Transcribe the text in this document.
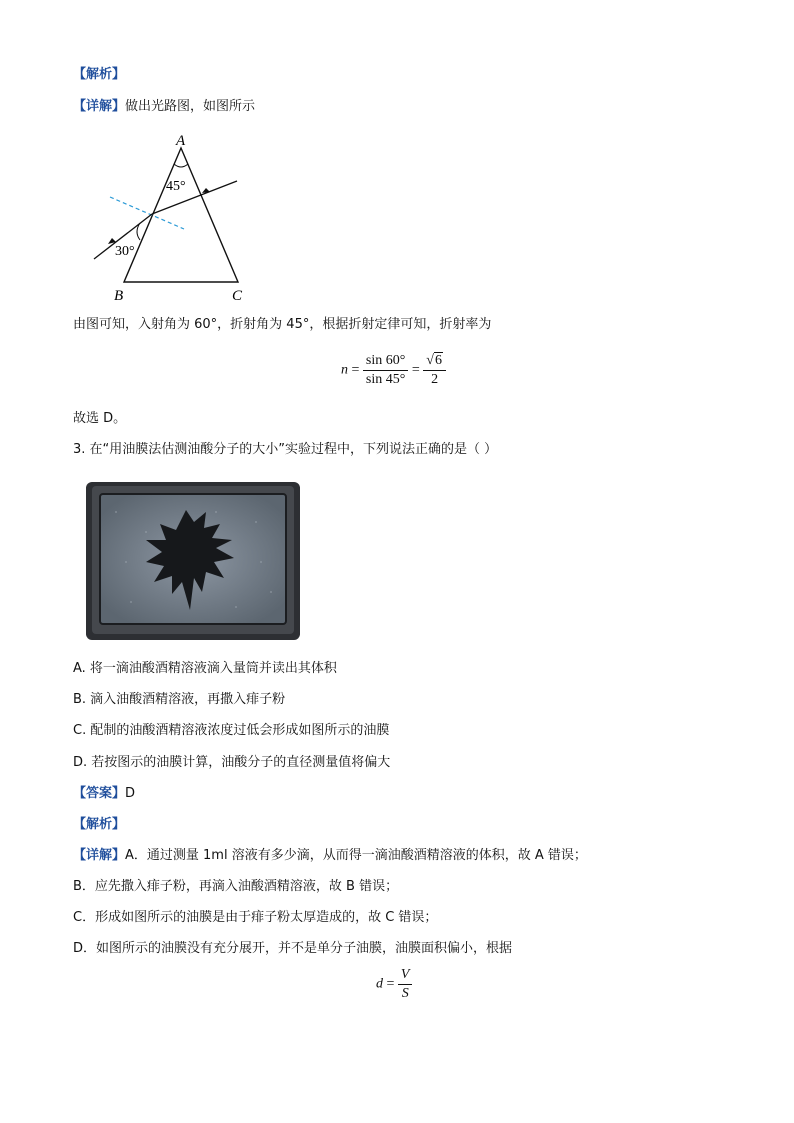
【解析】
【详解】做出光路图，如图所示
A
45°
30°
B	C
由图可知，入射角为 60°，折射角为 45°，根据折射定律可知，折射率为
$n = \frac{\sin 60^\circ}{\sin 45^\circ} = \frac{√6}{2}$
故选 D。
3. 在“用油膜法估测油酸分子的大小”实验过程中，下列说法正确的是（ ）
A. 将一滴油酸酒精溶液滴入量筒并读出其体积
B. 滴入油酸酒精溶液，再撒入痱子粉
C. 配制的油酸酒精溶液浓度过低会形成如图所示的油膜
D. 若按图示的油膜计算，油酸分子的直径测量值将偏大
【答案】D
【解析】
【详解】A．通过测量 1ml 溶液有多少滴，从而得一滴油酸酒精溶液的体积，故 A 错误；
B．应先撒入痱子粉，再滴入油酸酒精溶液，故 B 错误；
C．形成如图所示的油膜是由于痱子粉太厚造成的，故 C 错误；
D．如图所示的油膜没有充分展开，并不是单分子油膜，油膜面积偏小，根据
$d = \frac{V}{S}$
